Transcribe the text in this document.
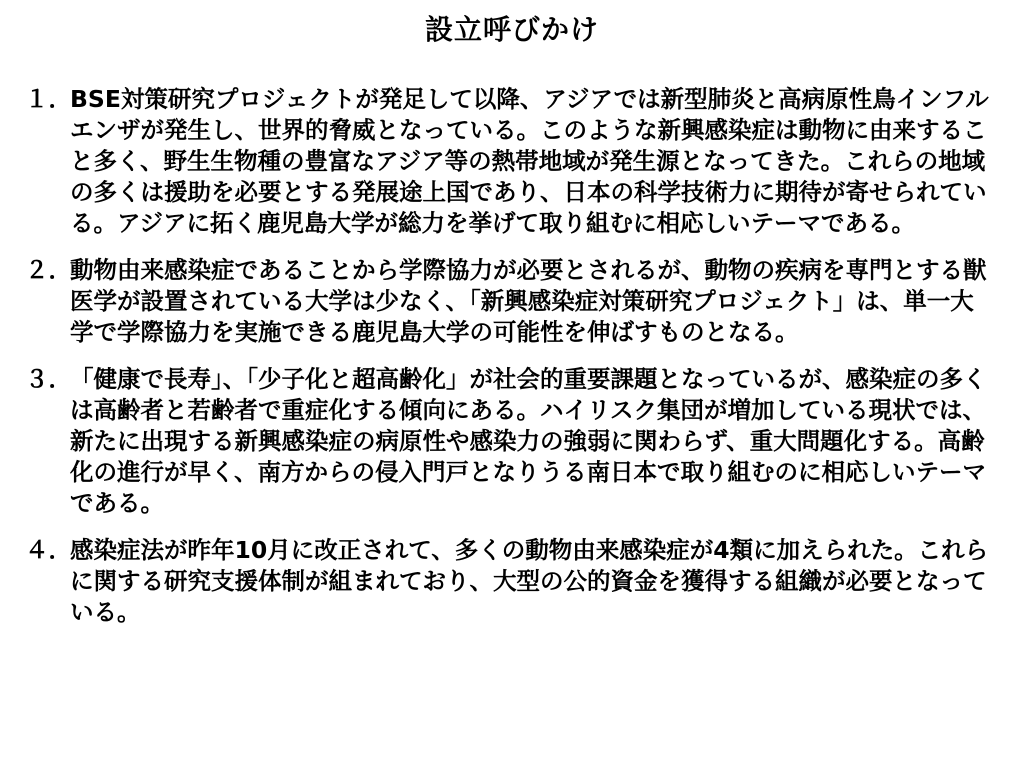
設立呼びかけ
１．
BSE対策研究プロジェクトが発足して以降、アジアでは新型肺炎と高病原性鳥インフルエンザが発生し、世界的脅威となっている。このような新興感染症は動物に由来すること多く、野生生物種の豊富なアジア等の熱帯地域が発生源となってきた。これらの地域の多くは援助を必要とする発展途上国であり、日本の科学技術力に期待が寄せられている。アジアに拓く鹿児島大学が総力を挙げて取り組むに相応しいテーマである。
２．
動物由来感染症であることから学際協力が必要とされるが、動物の疾病を専門とする獣医学が設置されている大学は少なく、「新興感染症対策研究プロジェクト」は、単一大学で学際協力を実施できる鹿児島大学の可能性を伸ばすものとなる。
３．
「健康で長寿」、「少子化と超高齢化」が社会的重要課題となっているが、感染症の多くは高齢者と若齢者で重症化する傾向にある。ハイリスク集団が増加している現状では、新たに出現する新興感染症の病原性や感染力の強弱に関わらず、重大問題化する。高齢化の進行が早く、南方からの侵入門戸となりうる南日本で取り組むのに相応しいテーマである。
４．
感染症法が昨年10月に改正されて、多くの動物由来感染症が4類に加えられた。これらに関する研究支援体制が組まれており、大型の公的資金を獲得する組織が必要となっている。
